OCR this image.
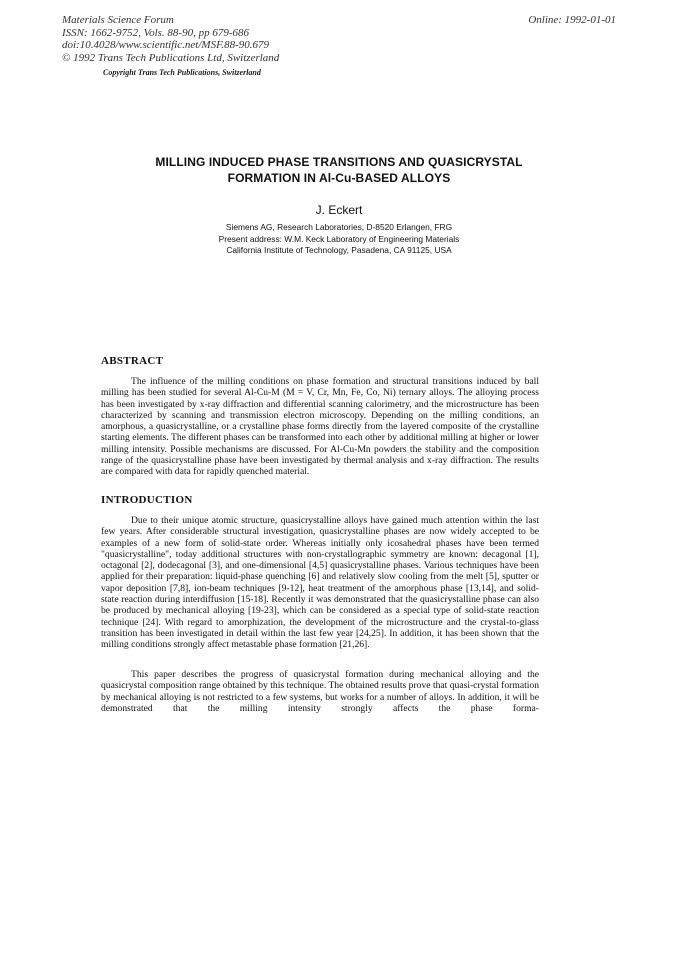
Materials Science Forum
ISSN: 1662-9752, Vols. 88-90, pp 679-686
doi:10.4028/www.scientific.net/MSF.88-90.679
© 1992 Trans Tech Publications Ltd, Switzerland
Online: 1992-01-01
Copyright Trans Tech Publications, Switzerland
MILLING INDUCED PHASE TRANSITIONS AND QUASICRYSTAL
FORMATION IN Al-Cu-BASED ALLOYS
J. Eckert
Siemens AG, Research Laboratories, D-8520 Erlangen, FRG
Present address: W.M. Keck Laboratory of Engineering Materials
California Institute of Technology, Pasadena, CA 91125, USA
ABSTRACT

The influence of the milling conditions on phase formation and structural transitions induced by ball milling has been studied for several Al-Cu-M (M = V, Cr, Mn, Fe, Co, Ni) ternary alloys. The alloying process has been investigated by x-ray diffraction and differential scanning calorimetry, and the microstructure has been characterized by scanning and transmission electron microscopy. Depending on the milling conditions, an amorphous, a quasicrystalline, or a crystalline phase forms directly from the layered composite of the crystalline starting elements. The different phases can be transformed into each other by additional milling at higher or lower milling intensity. Possible mechanisms are discussed. For Al-Cu-Mn powders the stability and the composition range of the quasicrystalline phase have been investigated by thermal analysis and x-ray diffraction. The results are compared with data for rapidly quenched material.

INTRODUCTION

Due to their unique atomic structure, quasicrystalline alloys have gained much attention within the last few years. After considerable structural investigation, quasicrystalline phases are now widely accepted to be examples of a new form of solid-state order. Whereas initially only icosahedral phases have been termed "quasicrystalline", today additional structures with non-crystallographic symmetry are known: decagonal [1], octagonal [2], dodecagonal [3], and one-dimensional [4,5] quasicrystalline phases. Various techniques have been applied for their preparation: liquid-phase quenching [6] and relatively slow cooling from the melt [5], sputter or vapor deposition [7,8], ion-beam techniques [9-12], heat treatment of the amorphous phase [13,14], and solid-state reaction during interdiffusion [15-18]. Recently it was demonstrated that the quasicrystalline phase can also be produced by mechanical alloying [19-23], which can be considered as a special type of solid-state reaction technique [24]. With regard to amorphization, the development of the microstructure and the crystal-to-glass transition has been investigated in detail within the last few year [24,25]. In addition, it has been shown that the milling conditions strongly affect metastable phase formation [21,26].

This paper describes the progress of quasicrystal formation during mechanical alloying and the quasicrystal composition range obtained by this technique. The obtained results prove that quasi-crystal formation by mechanical alloying is not restricted to a few systems, but works for a number of alloys. In addition, it will be demonstrated that the milling intensity strongly affects the phase forma-
